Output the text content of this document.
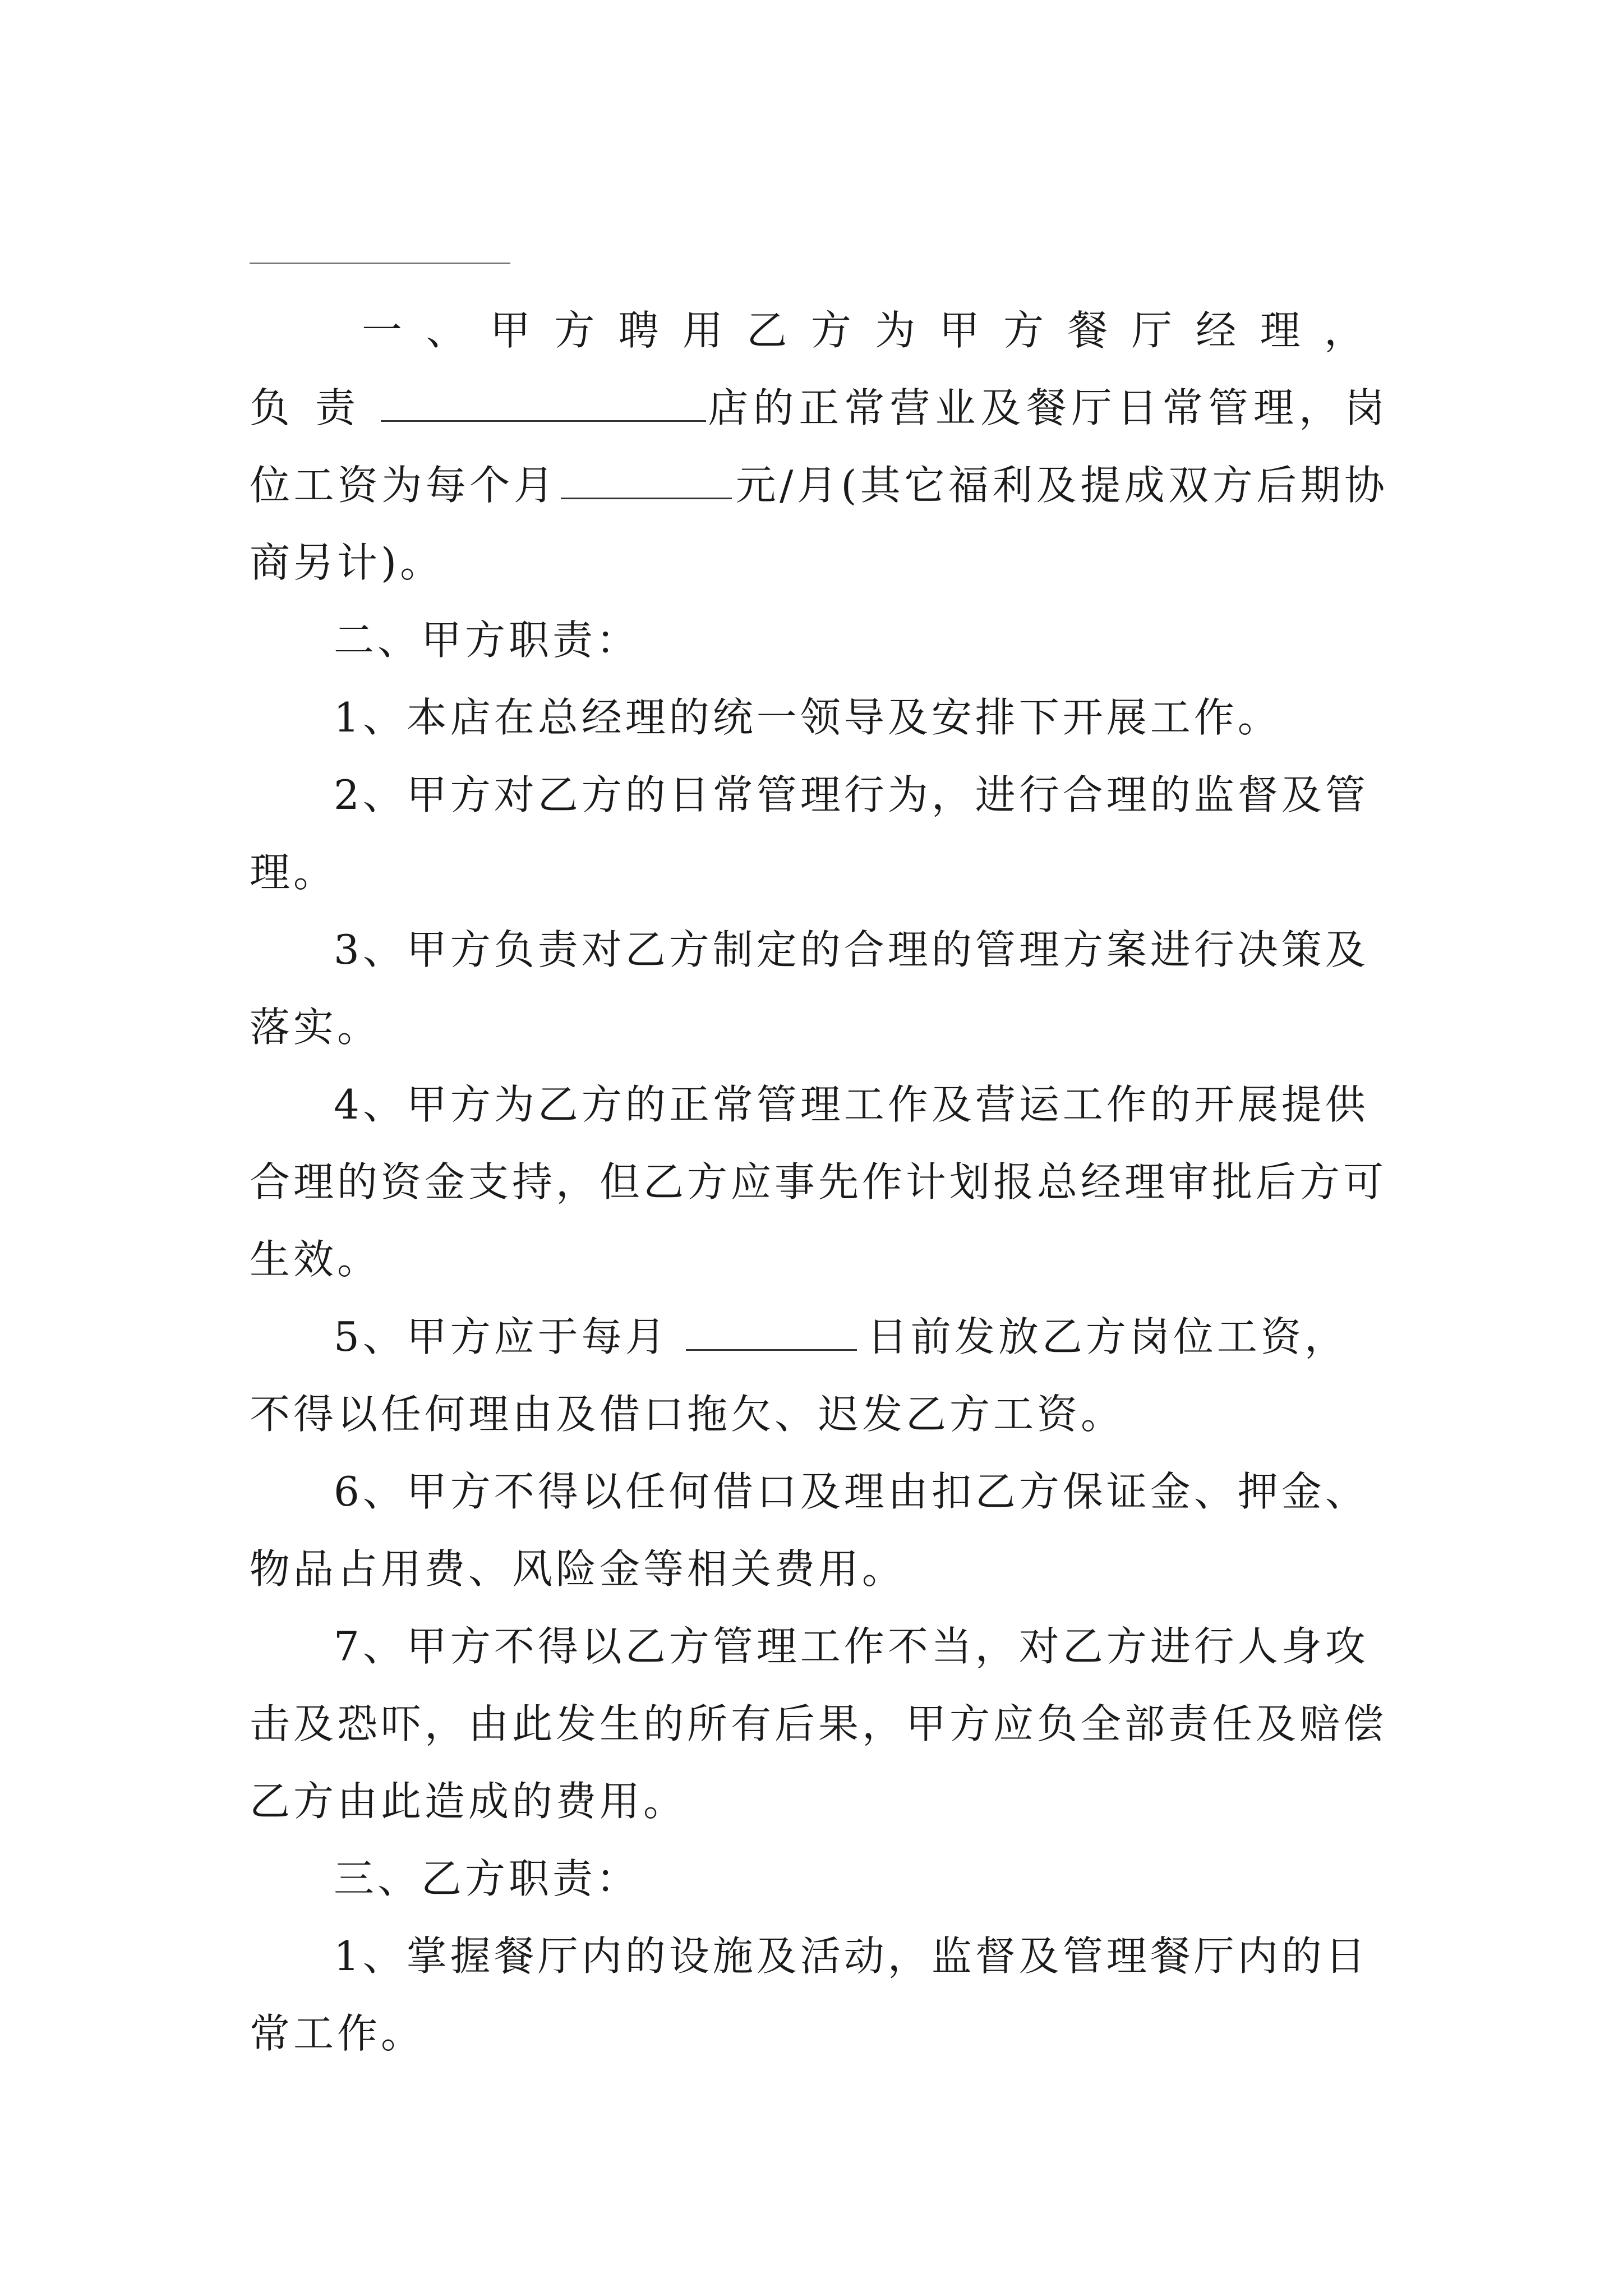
一、甲方聘用乙方为甲方餐厅经理，负责	店的正常营业及餐厅日常管理，岗位工资为每个月	元/月(其它福利及提成双方后期协商另计)。

二、甲方职责：

1、本店在总经理的统一领导及安排下开展工作。

2、甲方对乙方的日常管理行为，进行合理的监督及管理。

3、甲方负责对乙方制定的合理的管理方案进行决策及落实。

4、甲方为乙方的正常管理工作及营运工作的开展提供合理的资金支持，但乙方应事先作计划报总经理审批后方可生效。

5、甲方应于每月	日前发放乙方岗位工资，不得以任何理由及借口拖欠、迟发乙方工资。

6、甲方不得以任何借口及理由扣乙方保证金、押金、物品占用费、风险金等相关费用。

7、甲方不得以乙方管理工作不当，对乙方进行人身攻击及恐吓，由此发生的所有后果，甲方应负全部责任及赔偿乙方由此造成的费用。

三、乙方职责：

1、掌握餐厅内的设施及活动，监督及管理餐厅内的日常工作。
